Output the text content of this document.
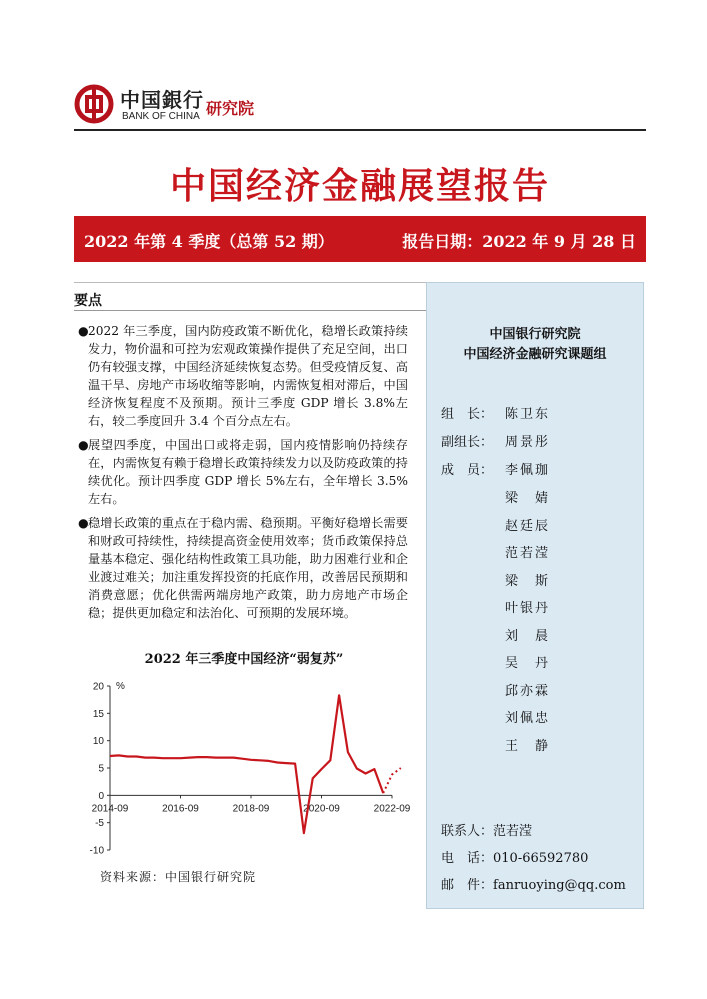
中国銀行
BANK OF CHINA 研究院
中国经济金融展望报告
2022 年第 4 季度（总第 52 期）	报告日期：2022 年 9 月 28 日
要点
● 2022 年三季度，国内防疫政策不断优化，稳增长政策持续发力，物价温和可控为宏观政策操作提供了充足空间，出口仍有较强支撑，中国经济延续恢复态势。但受疫情反复、高温干旱、房地产市场收缩等影响，内需恢复相对滞后，中国经济恢复程度不及预期。预计三季度 GDP 增长 3.8%左右，较二季度回升 3.4 个百分点左右。
● 展望四季度，中国出口或将走弱，国内疫情影响仍持续存在，内需恢复有赖于稳增长政策持续发力以及防疫政策的持续优化。预计四季度 GDP 增长 5%左右，全年增长 3.5%左右。
● 稳增长政策的重点在于稳内需、稳预期。平衡好稳增长需要和财政可持续性，持续提高资金使用效率；货币政策保持总量基本稳定、强化结构性政策工具功能，助力困难行业和企业渡过难关；加注重发挥投资的托底作用，改善居民预期和消费意愿；优化供需两端房地产政策，助力房地产市场企稳；提供更加稳定和法治化、可预期的发展环境。
2022 年三季度中国经济“弱复苏”
20
15
10
5
0
-5
-10
%
2014-09	2016-09	2018-09	2020-09	2022-09
资料来源：中国银行研究院
中国银行研究院
中国经济金融研究课题组
组　长： 陈卫东
副组长： 周景彤
成　员： 李佩珈
梁　婧
赵廷辰
范若滢
梁　斯
叶银丹
刘　晨
吴　丹
邱亦霖
刘佩忠
王　静
联系人：范若滢
电　话：010-66592780
邮　件：fanruoying@qq.com
